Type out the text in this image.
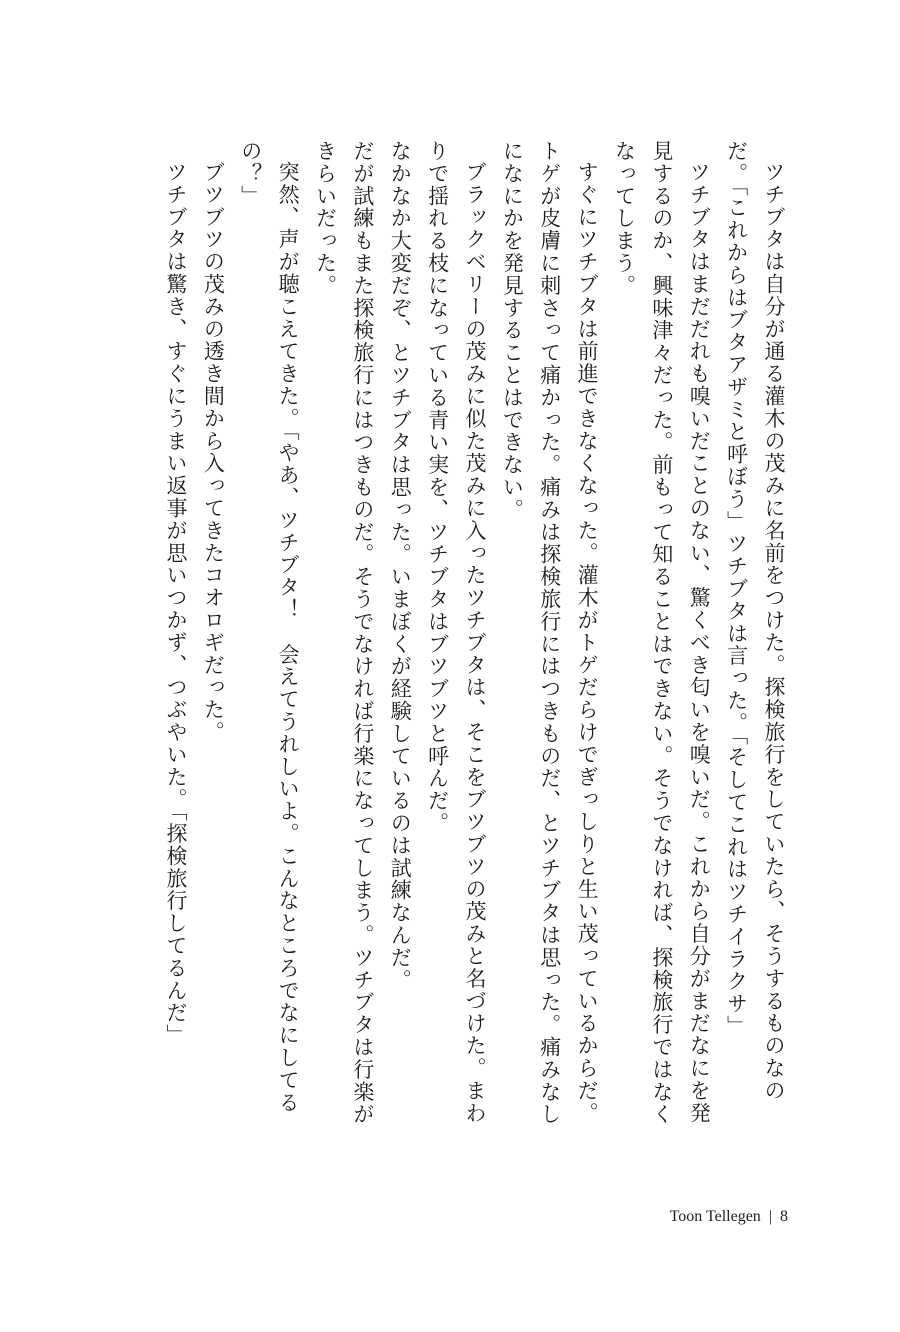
ツチブタは自分が通る灌木の茂みに名前をつけた。探検旅行をしていたら、そうするものなのだ。「これからはブタアザミと呼ぼう」ツチブタは言った。「そしてこれはツチイラクサ」

ツチブタはまだだれも嗅いだことのない、驚くべき匂いを嗅いだ。これから自分がまだなにを発見するのか、興味津々だった。前もって知ることはできない。そうでなければ、探検旅行ではなくなってしまう。

すぐにツチブタは前進できなくなった。灌木がトゲだらけでぎっしりと生い茂っているからだ。トゲが皮膚に刺さって痛かった。痛みは探検旅行にはつきものだ、とツチブタは思った。痛みなしになにかを発見することはできない。

ブラックベリーの茂みに似た茂みに入ったツチブタは、そこをブツブツの茂みと名づけた。まわりで揺れる枝になっている青い実を、ツチブタはブツブツと呼んだ。

なかなか大変だぞ、とツチブタは思った。いまぼくが経験しているのは試練なんだ。

だが試練もまた探検旅行にはつきものだ。そうでなければ行楽になってしまう。ツチブタは行楽がきらいだった。

突然、声が聴こえてきた。「やあ、ツチブタ！　会えてうれしいよ。こんなところでなにしてるの？」

ブツブツの茂みの透き間から入ってきたコオロギだった。

ツチブタは驚き、すぐにうまい返事が思いつかず、つぶやいた。「探検旅行してるんだ」

Toon Tellegen | 8
